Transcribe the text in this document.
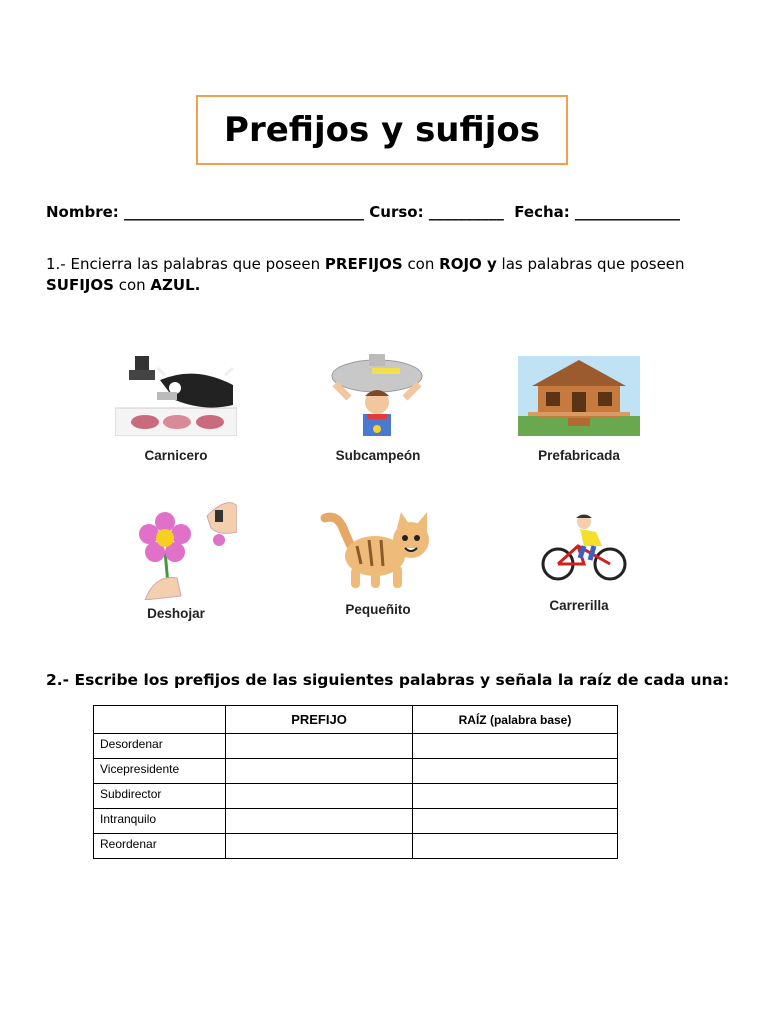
Prefijos y sufijos
Nombre: ________________________________ Curso: __________ Fecha: ______________
1.- Encierra las palabras que poseen PREFIJOS con ROJO y las palabras que poseen
SUFIJOS con AZUL.
Carnicero	Subcampeón	Prefabricada
Deshojar	Pequeñito	Carrerilla
2.- Escribe los prefijos de las siguientes palabras y señala la raíz de cada una:
	PREFIJO	RAÍZ (palabra base)
Desordenar		
Vicepresidente		
Subdirector		
Intranquilo		
Reordenar		
